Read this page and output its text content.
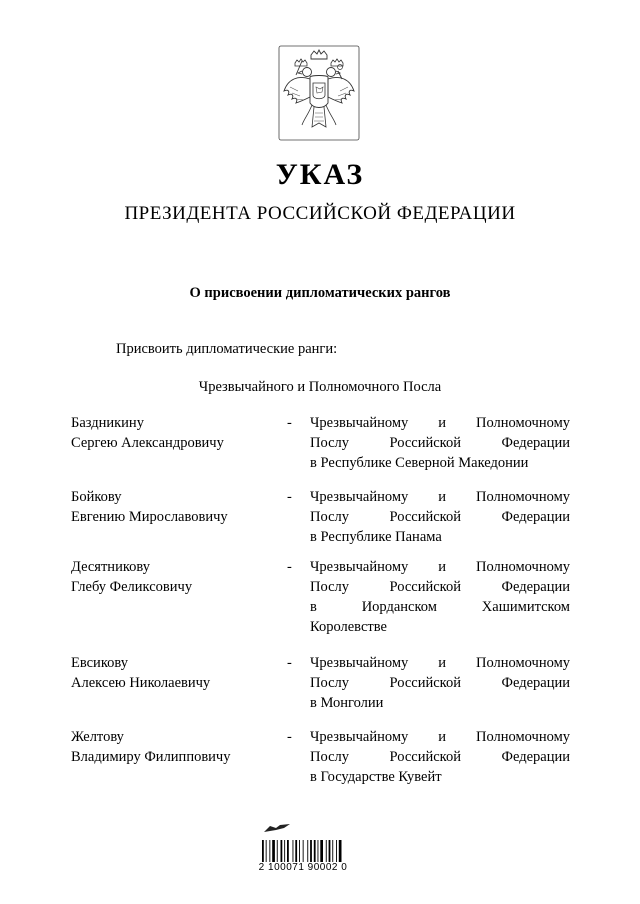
УКАЗ
ПРЕЗИДЕНТА РОССИЙСКОЙ ФЕДЕРАЦИИ
О присвоении дипломатических рангов
Присвоить дипломатические ранги:
Чрезвычайного и Полномочного Посла
Баздникину
Сергею Александровичу
- Чрезвычайному и Полномочному
Послу Российской Федерации
в Республике Северной Македонии
Бойкову
Евгению Мирославовичу
- Чрезвычайному и Полномочному
Послу Российской Федерации
в Республике Панама
Десятникову
Глебу Феликсовичу
- Чрезвычайному и Полномочному
Послу Российской Федерации
в Иорданском Хашимитском
Королевстве
Евсикову
Алексею Николаевичу
- Чрезвычайному и Полномочному
Послу Российской Федерации
в Монголии
Желтову
Владимиру Филипповичу
- Чрезвычайному и Полномочному
Послу Российской Федерации
в Государстве Кувейт
2 100071 90002 0
